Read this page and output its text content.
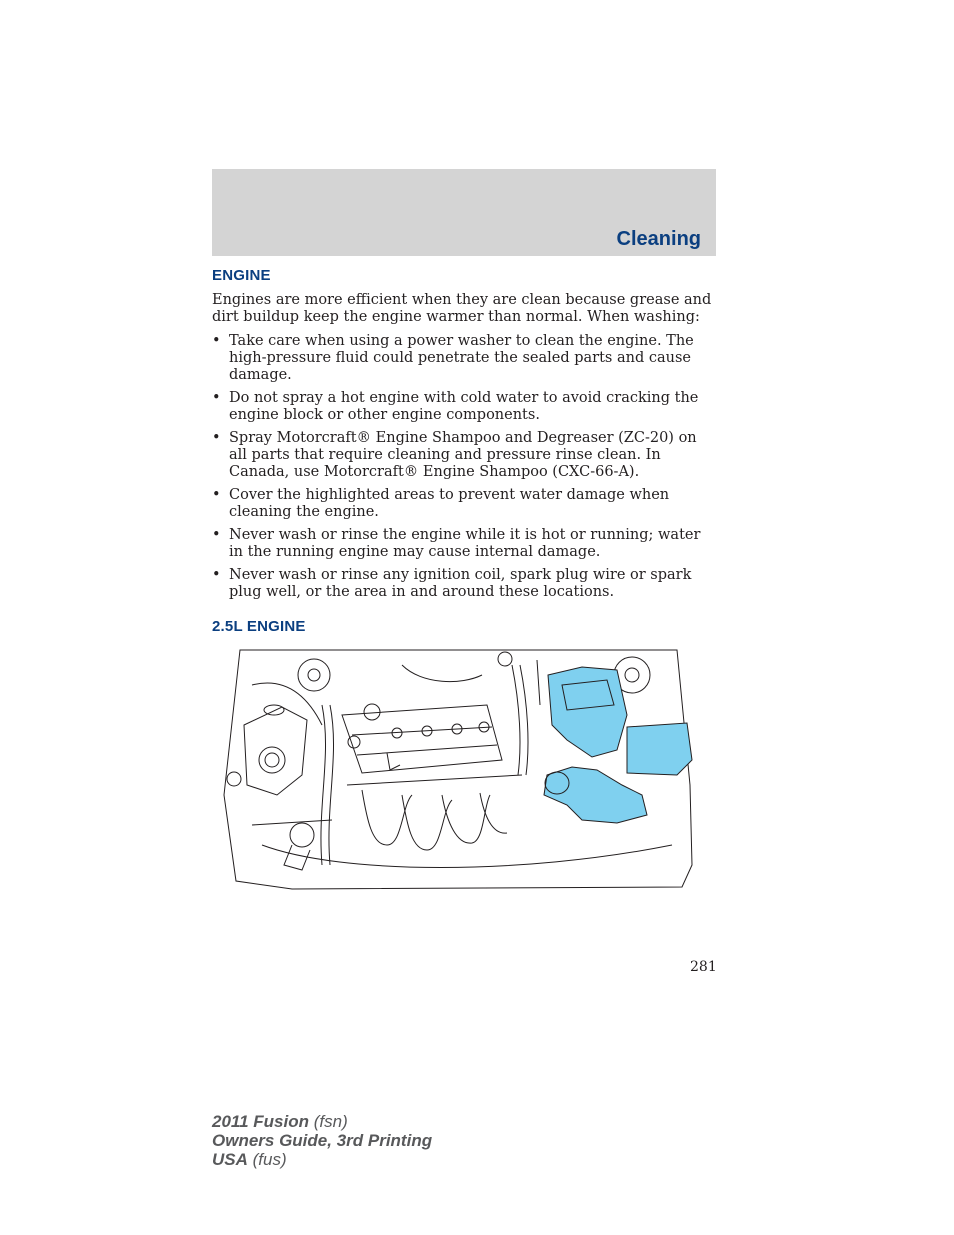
Cleaning
ENGINE

Engines are more efficient when they are clean because grease and dirt buildup keep the engine warmer than normal. When washing:

• Take care when using a power washer to clean the engine. The high-pressure fluid could penetrate the sealed parts and cause damage.
• Do not spray a hot engine with cold water to avoid cracking the engine block or other engine components.
• Spray Motorcraft® Engine Shampoo and Degreaser (ZC-20) on all parts that require cleaning and pressure rinse clean. In Canada, use Motorcraft® Engine Shampoo (CXC-66-A).
• Cover the highlighted areas to prevent water damage when cleaning the engine.
• Never wash or rinse the engine while it is hot or running; water in the running engine may cause internal damage.
• Never wash or rinse any ignition coil, spark plug wire or spark plug well, or the area in and around these locations.
2.5L ENGINE
281
2011 Fusion (fsn)
Owners Guide, 3rd Printing
USA (fus)
